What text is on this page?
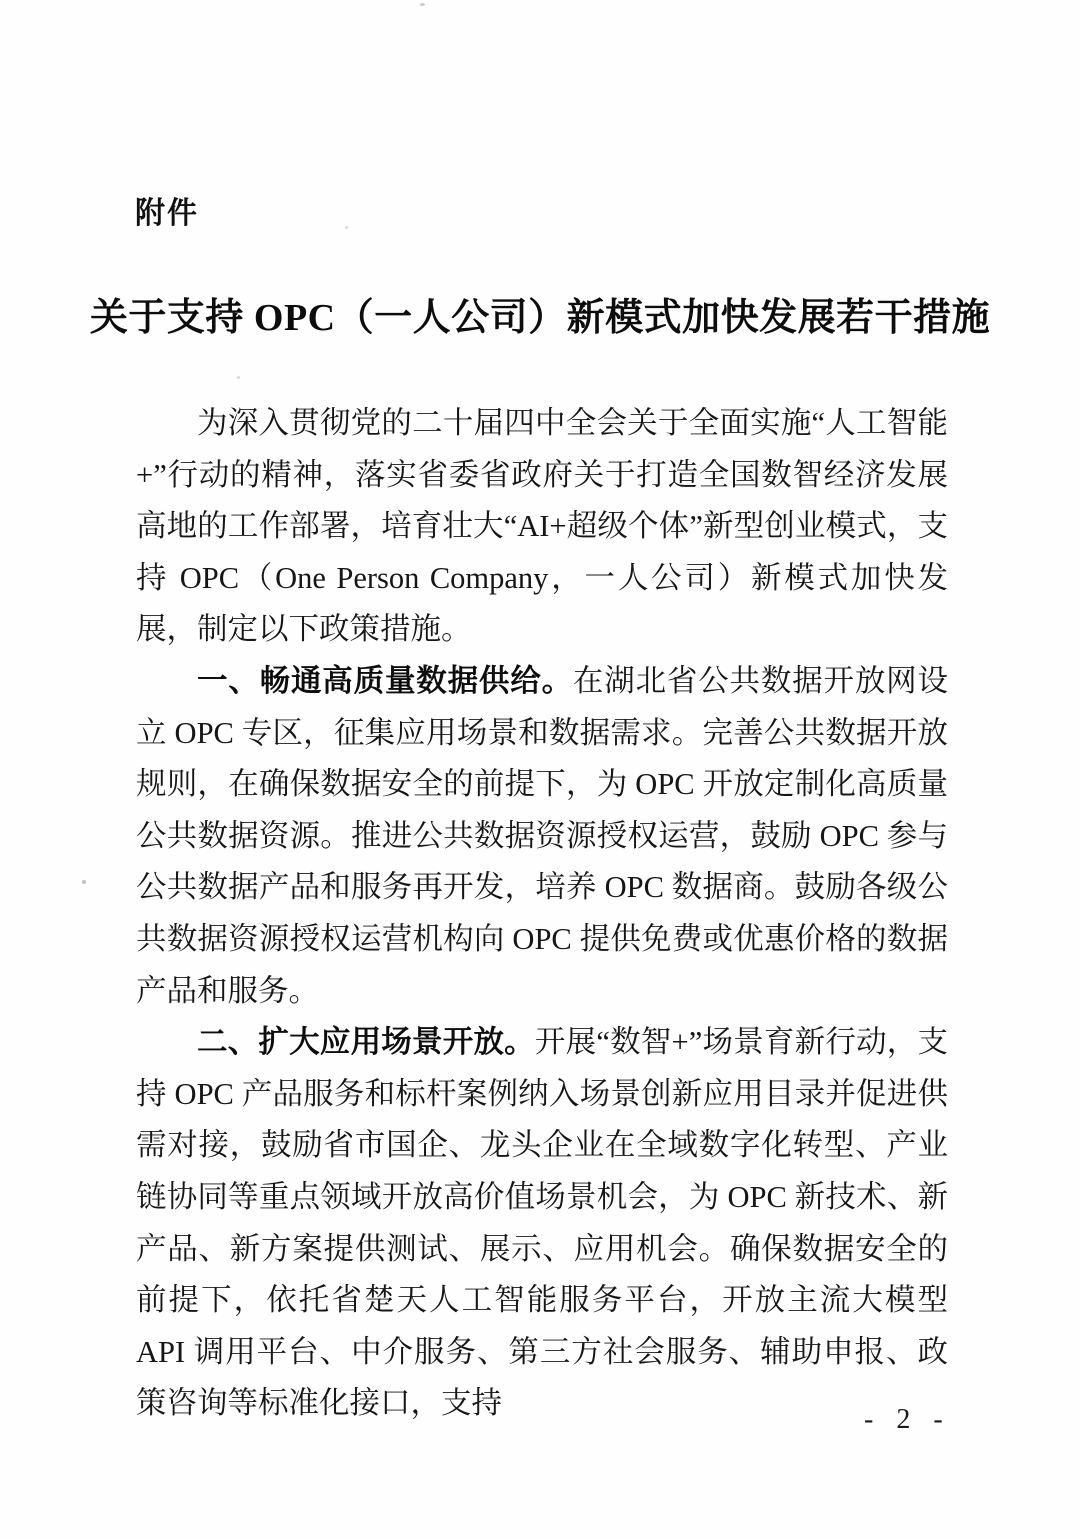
附件
关于支持 OPC（一人公司）新模式加快发展若干措施

为深入贯彻党的二十届四中全会关于全面实施“人工智能+”行动的精神，落实省委省政府关于打造全国数智经济发展高地的工作部署，培育壮大“AI+超级个体”新型创业模式，支持 OPC（One Person Company，一人公司）新模式加快发展，制定以下政策措施。

一、畅通高质量数据供给。在湖北省公共数据开放网设立 OPC 专区，征集应用场景和数据需求。完善公共数据开放规则，在确保数据安全的前提下，为 OPC 开放定制化高质量公共数据资源。推进公共数据资源授权运营，鼓励 OPC 参与公共数据产品和服务再开发，培养 OPC 数据商。鼓励各级公共数据资源授权运营机构向 OPC 提供免费或优惠价格的数据产品和服务。

二、扩大应用场景开放。开展“数智+”场景育新行动，支持 OPC 产品服务和标杆案例纳入场景创新应用目录并促进供需对接，鼓励省市国企、龙头企业在全域数字化转型、产业链协同等重点领域开放高价值场景机会，为 OPC 新技术、新产品、新方案提供测试、展示、应用机会。确保数据安全的前提下，依托省楚天人工智能服务平台，开放主流大模型 API 调用平台、中介服务、第三方社会服务、辅助申报、政策咨询等标准化接口，支持	- 2 -
